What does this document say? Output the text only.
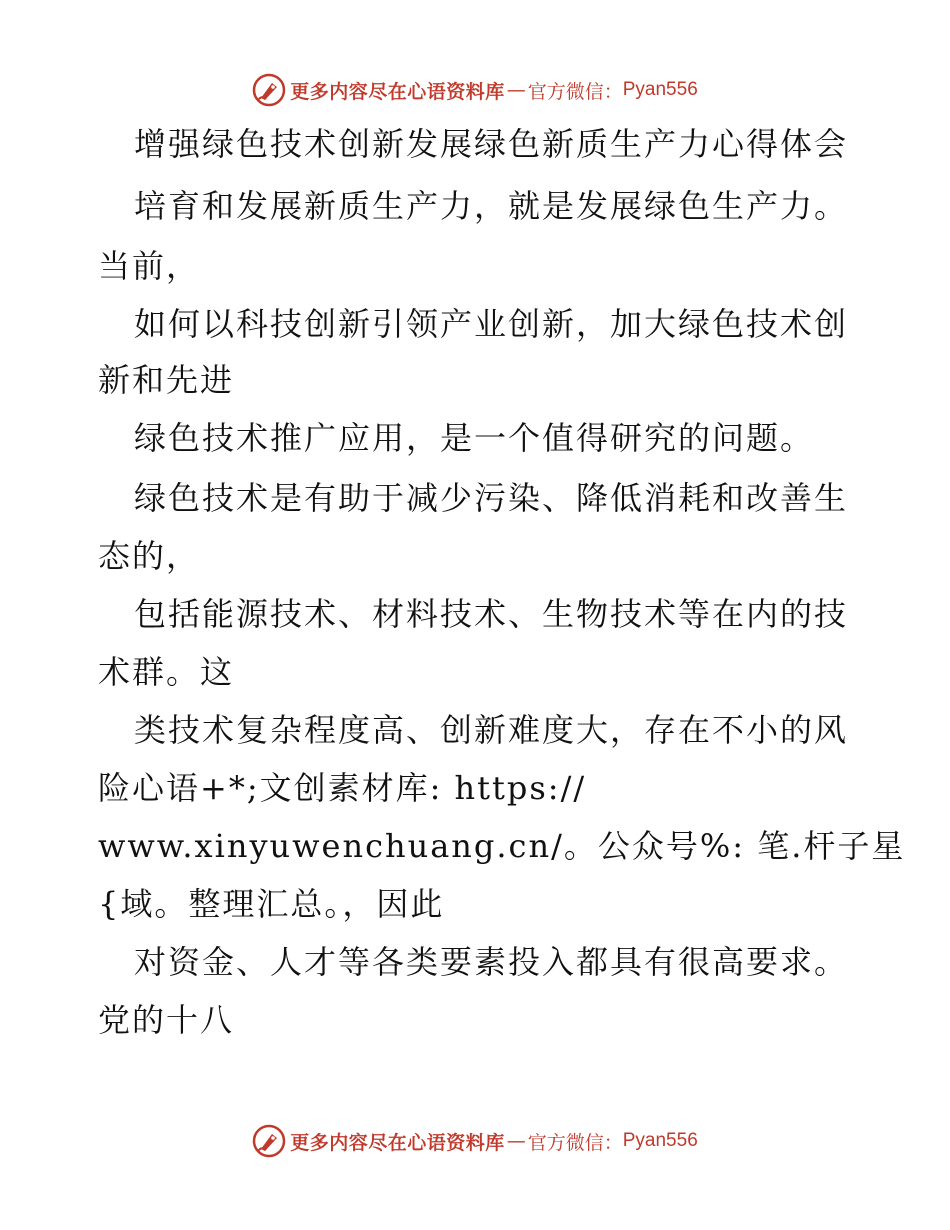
更多内容尽在心语资料库 — 官方微信： Pyan556
增强绿色技术创新发展绿色新质生产力心得体会
培育和发展新质生产力，就是发展绿色生产力。
当前，
如何以科技创新引领产业创新，加大绿色技术创
新和先进
绿色技术推广应用，是一个值得研究的问题。
绿色技术是有助于减少污染、降低消耗和改善生
态的，
包括能源技术、材料技术、生物技术等在内的技
术群。这
类技术复杂程度高、创新难度大，存在不小的风
险心语+*;文创素材库: https://
www.xinyuwenchuang.cn/。公众号%: 笔.杆子星
{域。整理汇总。，因此
对资金、人才等各类要素投入都具有很高要求。
党的十八
更多内容尽在心语资料库 — 官方微信： Pyan556
